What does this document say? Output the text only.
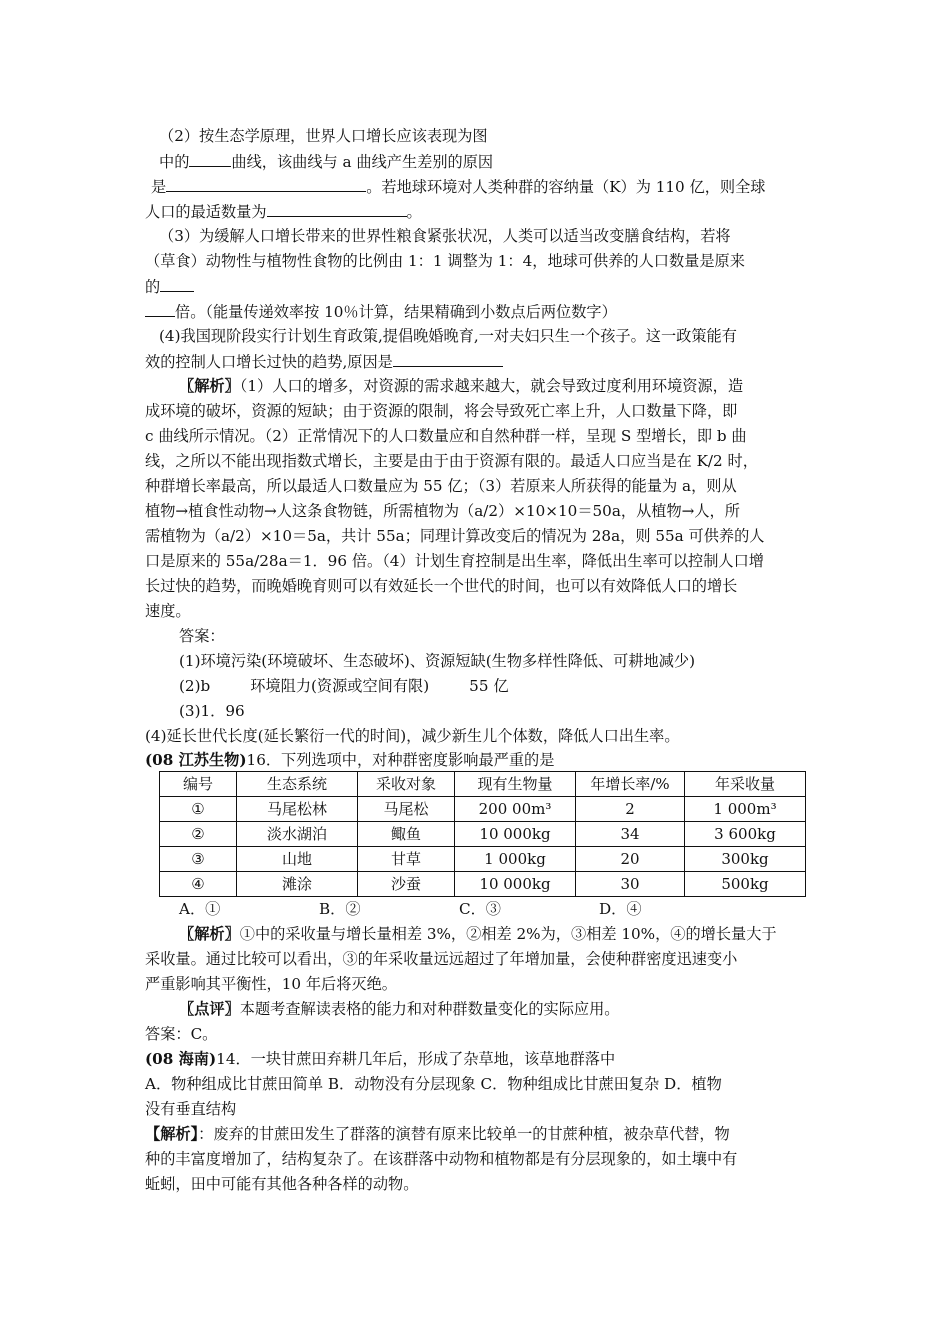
（2）按生态学原理，世界人口增长应该表现为图
中的	曲线，该曲线与 a 曲线产生差别的原因
是	。若地球环境对人类种群的容纳量（K）为 110 亿，则全球
人口的最适数量为	。
（3）为缓解人口增长带来的世界性粮食紧张状况，人类可以适当改变膳食结构，若将
（草食）动物性与植物性食物的比例由 1：1 调整为 1：4，地球可供养的人口数量是原来
的
倍。（能量传递效率按 10％计算，结果精确到小数点后两位数字）
(4)我国现阶段实行计划生育政策,提倡晚婚晚育,一对夫妇只生一个孩子。这一政策能有
效的控制人口增长过快的趋势,原因是
〖解析〗（1）人口的增多，对资源的需求越来越大，就会导致过度利用环境资源，造
成环境的破坏，资源的短缺；由于资源的限制，将会导致死亡率上升，人口数量下降，即
c 曲线所示情况。（2）正常情况下的人口数量应和自然种群一样，呈现 S 型增长，即 b 曲
线，之所以不能出现指数式增长，主要是由于由于资源有限的。最适人口应当是在 K/2 时，
种群增长率最高，所以最适人口数量应为 55 亿；（3）若原来人所获得的能量为 a，则从
植物→植食性动物→人这条食物链，所需植物为（a/2）×10×10＝50a，从植物→人，所
需植物为（a/2）×10＝5a，共计 55a；同理计算改变后的情况为 28a，则 55a 可供养的人
口是原来的 55a/28a＝1．96 倍。（4）计划生育控制是出生率，降低出生率可以控制人口增
长过快的趋势，而晚婚晚育则可以有效延长一个世代的时间，也可以有效降低人口的增长
速度。
答案：
(1)环境污染(环境破坏、生态破坏)、资源短缺(生物多样性降低、可耕地减少)
(2)b	环境阻力(资源或空间有限)	55 亿
(3)1．96
(4)延长世代长度(延长繁衍一代的时间)，减少新生儿个体数，降低人口出生率。
(08 江苏生物)16．下列选项中，对种群密度影响最严重的是
编号	生态系统	采收对象	现有生物量	年增长率/%	年采收量
①	马尾松林	马尾松	200 00m³	2	1 000m³
②	淡水湖泊	鲰鱼	10 000kg	34	3 600kg
③	山地	甘草	1 000kg	20	300kg
④	滩涂	沙蚕	10 000kg	30	500kg
A．①	B．②	C．③	D．④
〖解析〗①中的采收量与增长量相差 3%，②相差 2%为，③相差 10%，④的增长量大于
采收量。通过比较可以看出，③的年采收量远远超过了年增加量，会使种群密度迅速变小
严重影响其平衡性，10 年后将灭绝。
〖点评〗本题考查解读表格的能力和对种群数量变化的实际应用。
答案：C。
(08 海南)14．一块甘蔗田弃耕几年后，形成了杂草地，该草地群落中
A．物种组成比甘蔗田简单 B．动物没有分层现象 C．物种组成比甘蔗田复杂 D．植物
没有垂直结构
【解析】：废弃的甘蔗田发生了群落的演替有原来比较单一的甘蔗种植，被杂草代替，物
种的丰富度增加了，结构复杂了。在该群落中动物和植物都是有分层现象的，如土壤中有
蚯蚓，田中可能有其他各种各样的动物。
